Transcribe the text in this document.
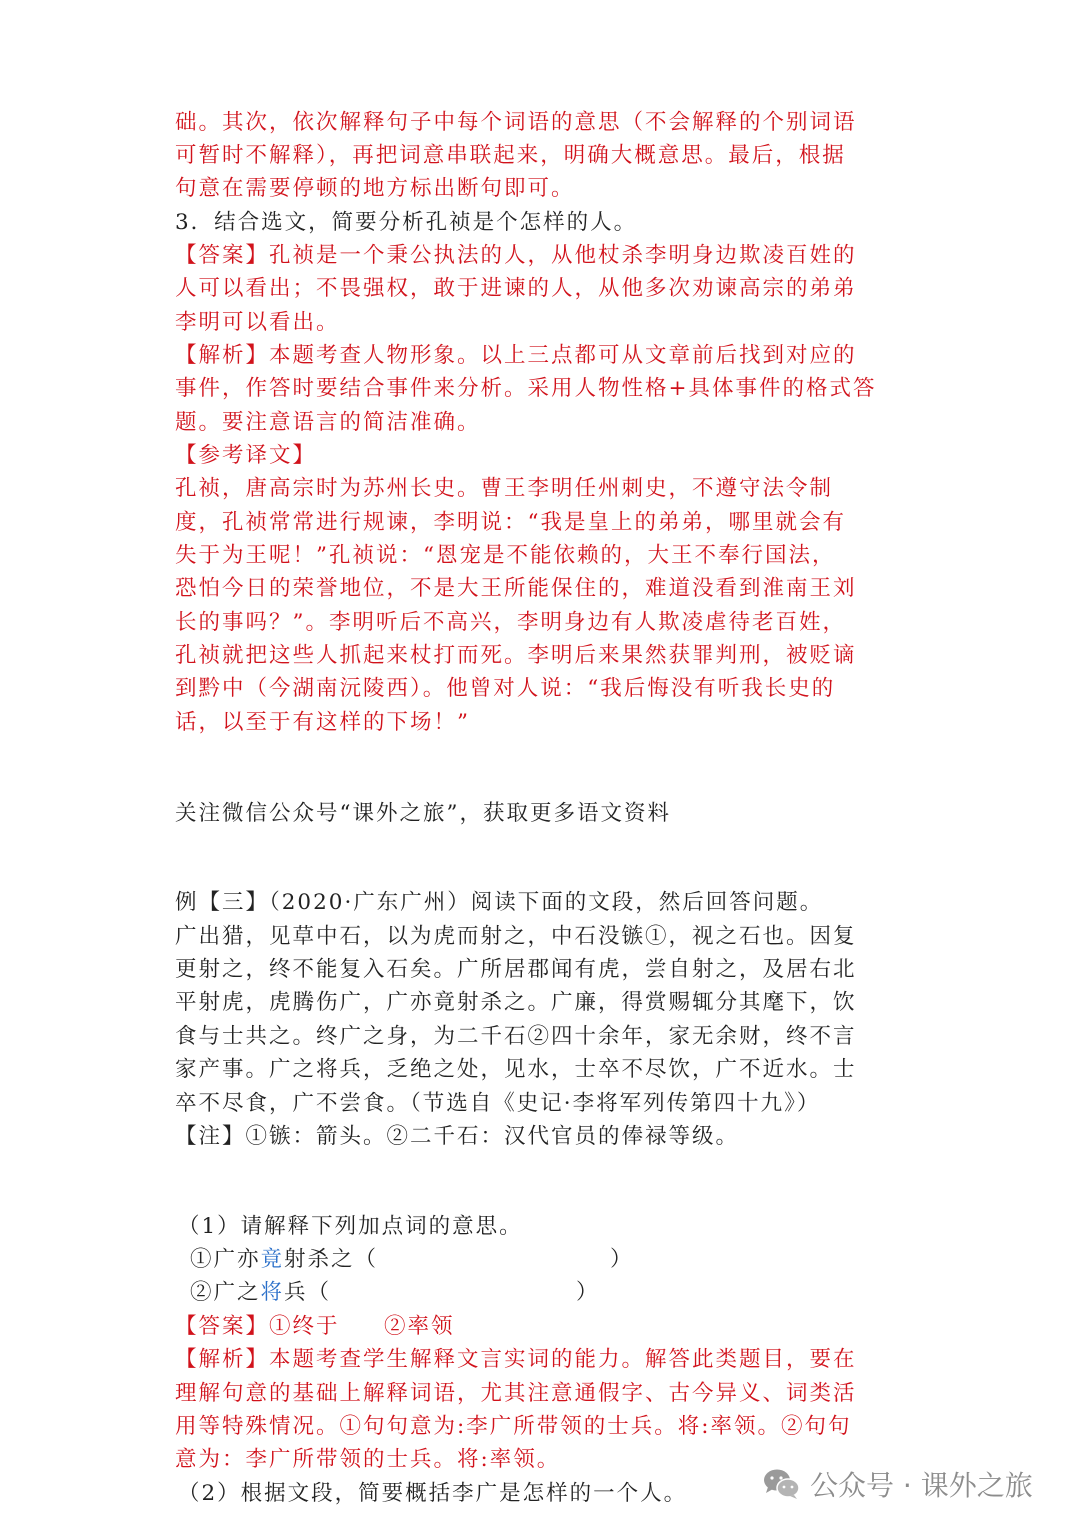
础。其次，依次解释句子中每个词语的意思（不会解释的个别词语

可暂时不解释），再把词意串联起来，明确大概意思。最后，根据

句意在需要停顿的地方标出断句即可。

3．结合选文，简要分析孔祯是个怎样的人。

【答案】孔祯是一个秉公执法的人，从他杖杀李明身边欺凌百姓的

人可以看出；不畏强权，敢于进谏的人，从他多次劝谏高宗的弟弟

李明可以看出。

【解析】本题考查人物形象。以上三点都可从文章前后找到对应的

事件，作答时要结合事件来分析。采用人物性格+具体事件的格式答

题。要注意语言的简洁准确。

【参考译文】

孔祯，唐高宗时为苏州长史。曹王李明任州刺史，不遵守法令制

度，孔祯常常进行规谏，李明说：“我是皇上的弟弟，哪里就会有

失于为王呢！”孔祯说：“恩宠是不能依赖的，大王不奉行国法，

恐怕今日的荣誉地位，不是大王所能保住的，难道没看到淮南王刘

长的事吗？”。李明听后不高兴，李明身边有人欺凌虐待老百姓，

孔祯就把这些人抓起来杖打而死。李明后来果然获罪判刑，被贬谪

到黔中（今湖南沅陵西）。他曾对人说：“我后悔没有听我长史的

话，以至于有这样的下场！”

关注微信公众号“课外之旅”，获取更多语文资料

例【三】（2020·广东广州）阅读下面的文段，然后回答问题。

广出猎，见草中石，以为虎而射之，中石没镞①，视之石也。因复

更射之，终不能复入石矣。广所居郡闻有虎，尝自射之，及居右北

平射虎，虎腾伤广，广亦竟射杀之。广廉，得赏赐辄分其麾下，饮

食与士共之。终广之身，为二千石②四十余年，家无余财，终不言

家产事。广之将兵，乏绝之处，见水，士卒不尽饮，广不近水。士

卒不尽食，广不尝食。（节选自《史记·李将军列传第四十九》）

【注】①镞：箭头。②二千石：汉代官员的俸禄等级。

（1）请解释下列加点词的意思。

①广亦竟射杀之（	）

②广之将兵（	）

【答案】①终于 ②率领

【解析】本题考查学生解释文言实词的能力。解答此类题目，要在

理解句意的基础上解释词语，尤其注意通假字、古今异义、词类活

用等特殊情况。①句句意为:李广所带领的士兵。将:率领。②句句

意为：李广所带领的士兵。将:率领。

（2）根据文段，简要概括李广是怎样的一个人。	公众号 · 课外之旅
